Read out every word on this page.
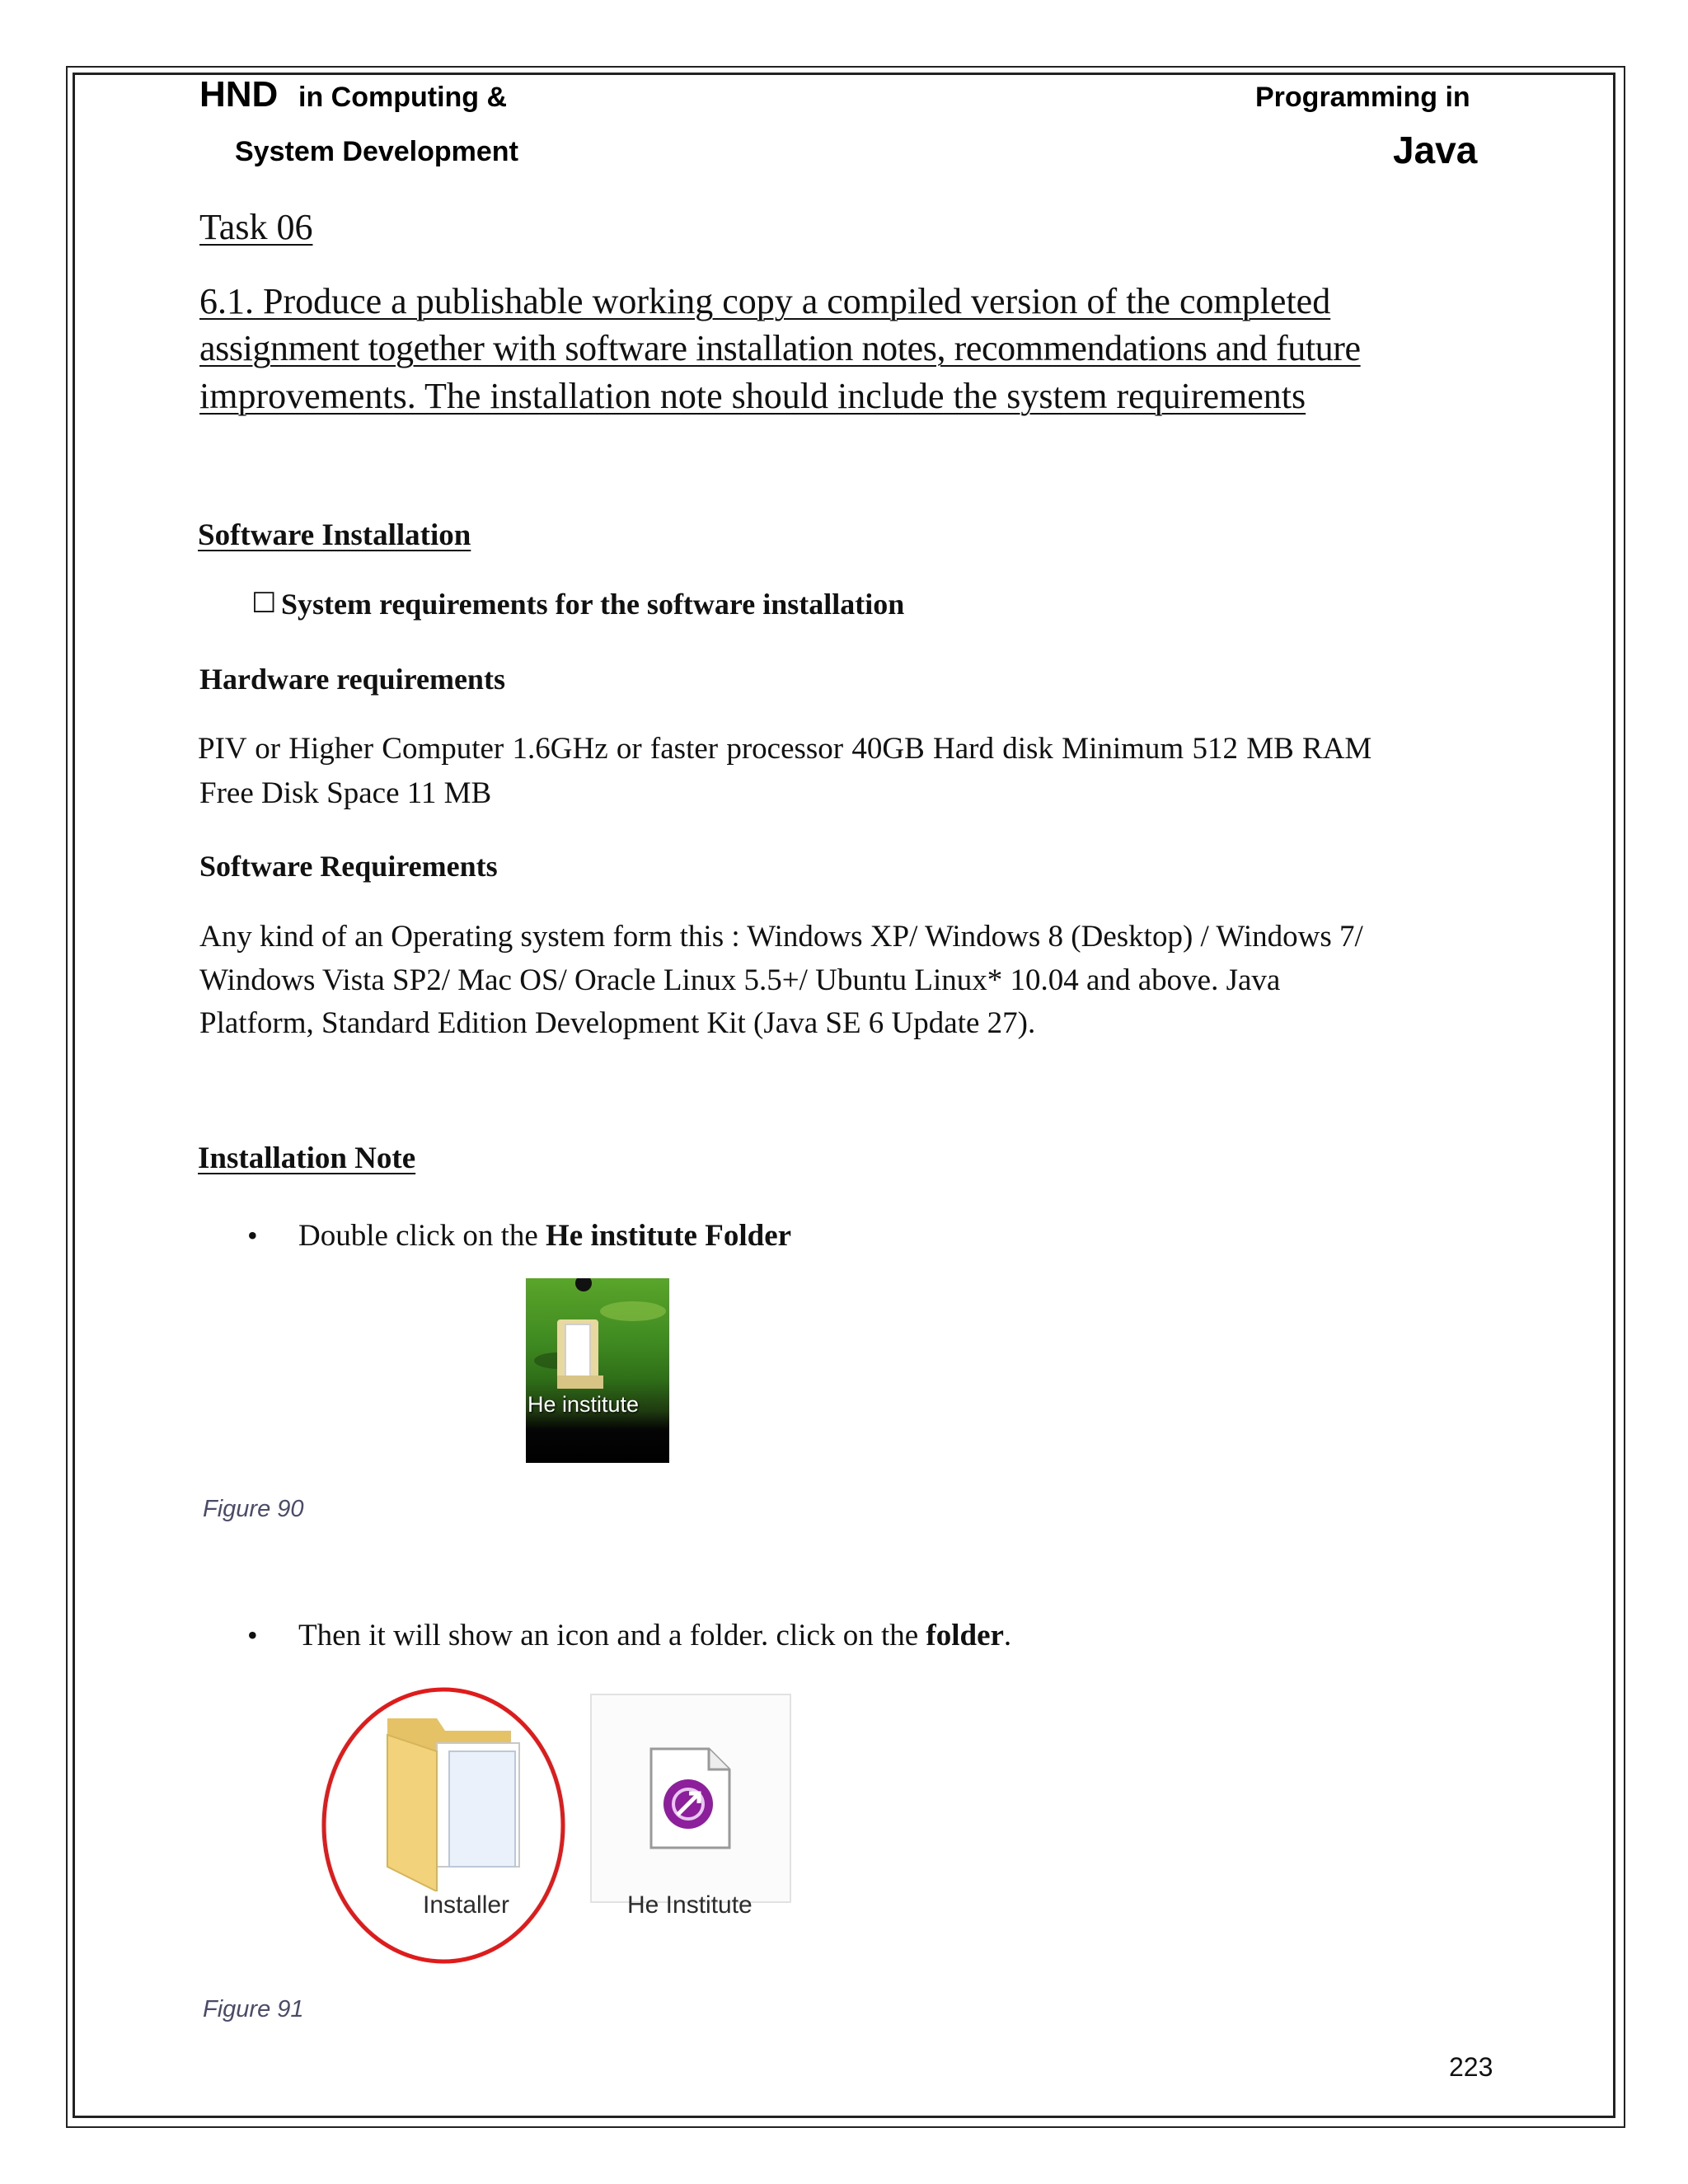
HND in Computing &
System Development
Programming in
Java
Task 06
6.1. Produce a publishable working copy a compiled version of the completed
assignment together with software installation notes, recommendations and future
improvements. The installation note should include the system requirements
Software Installation
☐ System requirements for the software installation
Hardware requirements
PIV or Higher Computer 1.6GHz or faster processor 40GB Hard disk Minimum 512 MB RAM
Free Disk Space 11 MB
Software Requirements
Any kind of an Operating system form this : Windows XP/ Windows 8 (Desktop) / Windows 7/
Windows Vista SP2/ Mac OS/ Oracle Linux 5.5+/ Ubuntu Linux* 10.04 and above. Java
Platform, Standard Edition Development Kit (Java SE 6 Update 27).
Installation Note
• Double click on the He institute Folder
He institute
Figure 90
• Then it will show an icon and a folder. click on the folder.
Installer	He Institute
Figure 91
223
